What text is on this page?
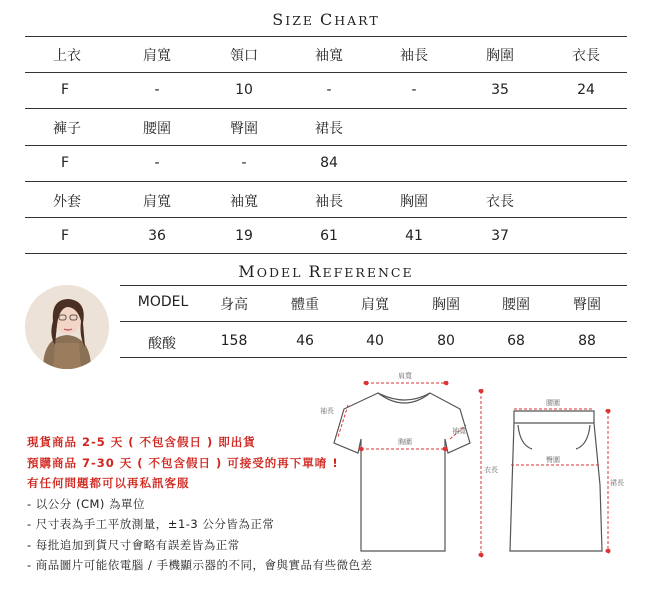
SIZE CHART
上衣	肩寬	領口	袖寬	袖長	胸圍	衣長
F	-	10	-	-	35	24
褲子	腰圍	臀圍	裙長
F	-	-	84
外套	肩寬	袖寬	袖長	胸圍	衣長
F	36	19	61	41	37
MODEL REFERENCE
MODEL	身高	體重	肩寬	胸圍	腰圍	臀圍
酸酸	158	46	40	80	68	88
現貨商品 2-5 天 ( 不包含假日 ) 即出貨
預購商品 7-30 天 ( 不包含假日 ) 可接受的再下單唷 !
有任何問題都可以再私訊客服
- 以公分 (CM) 為單位
- 尺寸表為手工平放測量，±1-3 公分皆為正常
- 每批追加到貨尺寸會略有誤差皆為正常
- 商品圖片可能依電腦 / 手機顯示器的不同，會與實品有些微色差
肩寬
袖長
袖寬
胸圍
衣長
腰圍
臀圍
裙長
